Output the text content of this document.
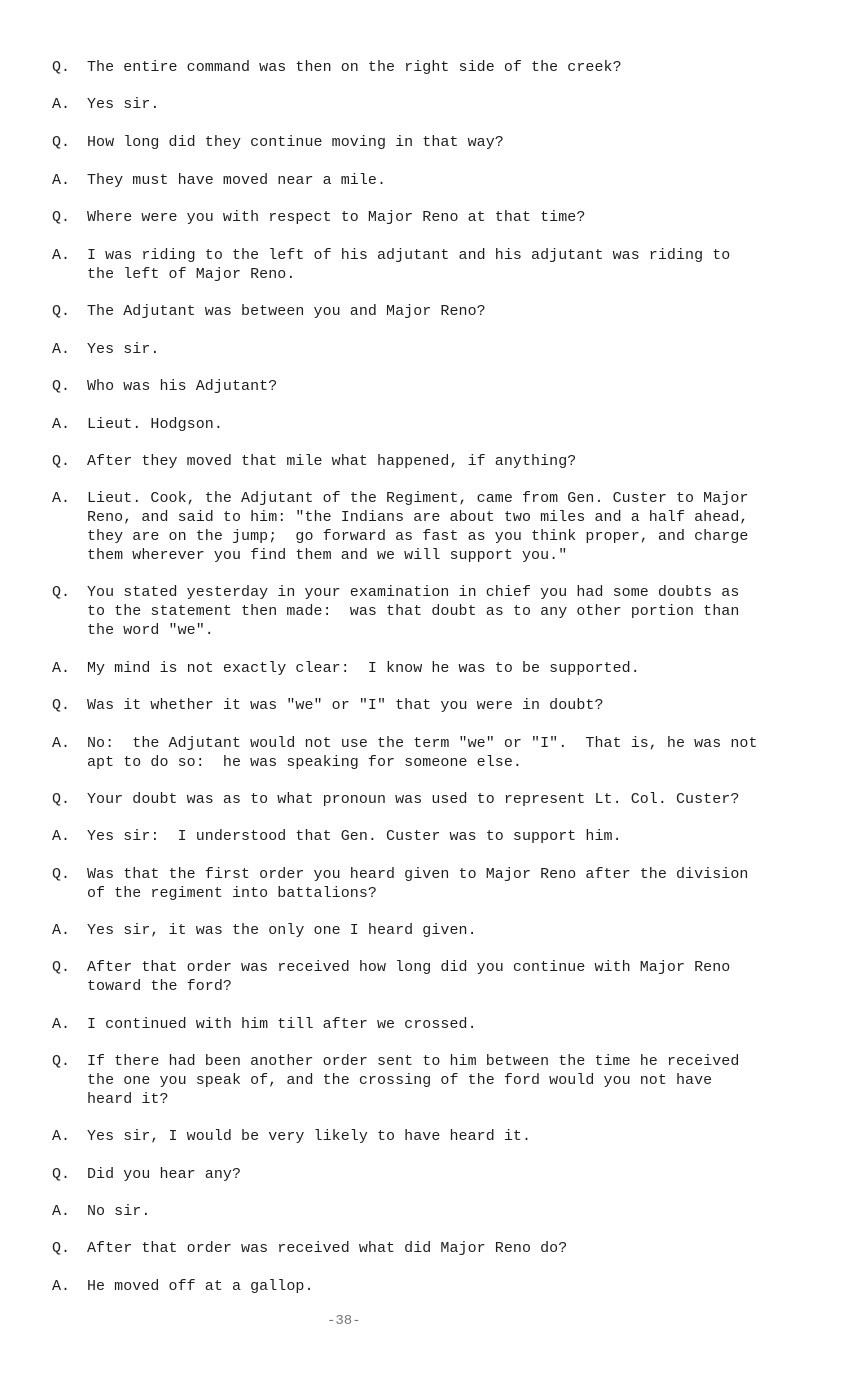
Q.	The entire command was then on the right side of the creek?
A.	Yes sir.
Q.	How long did they continue moving in that way?
A.	They must have moved near a mile.
Q.	Where were you with respect to Major Reno at that time?
A.	I was riding to the left of his adjutant and his adjutant was riding to
the left of Major Reno.
Q.	The Adjutant was between you and Major Reno?
A.	Yes sir.
Q.	Who was his Adjutant?
A.	Lieut. Hodgson.
Q.	After they moved that mile what happened, if anything?
A.	Lieut. Cook, the Adjutant of the Regiment, came from Gen. Custer to Major
Reno, and said to him: "the Indians are about two miles and a half ahead,
they are on the jump;  go forward as fast as you think proper, and charge
them wherever you find them and we will support you."
Q.	You stated yesterday in your examination in chief you had some doubts as
to the statement then made:  was that doubt as to any other portion than
the word "we".
A.	My mind is not exactly clear:  I know he was to be supported.
Q.	Was it whether it was "we" or "I" that you were in doubt?
A.	No:  the Adjutant would not use the term "we" or "I".  That is, he was not
apt to do so:  he was speaking for someone else.
Q.	Your doubt was as to what pronoun was used to represent Lt. Col. Custer?
A.	Yes sir:  I understood that Gen. Custer was to support him.
Q.	Was that the first order you heard given to Major Reno after the division
of the regiment into battalions?
A.	Yes sir, it was the only one I heard given.
Q.	After that order was received how long did you continue with Major Reno
toward the ford?
A.	I continued with him till after we crossed.
Q.	If there had been another order sent to him between the time he received
the one you speak of, and the crossing of the ford would you not have
heard it?
A.	Yes sir, I would be very likely to have heard it.
Q.	Did you hear any?
A.	No sir.
Q.	After that order was received what did Major Reno do?
A.	He moved off at a gallop.
-38-
